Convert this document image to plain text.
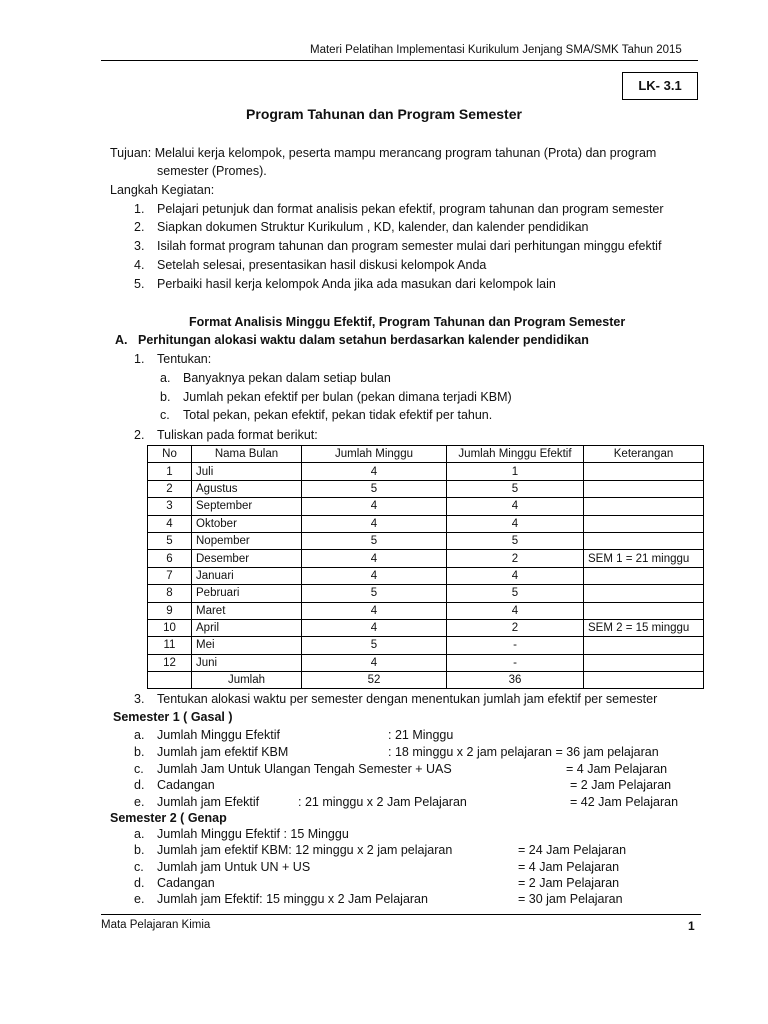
Materi Pelatihan Implementasi Kurikulum Jenjang SMA/SMK Tahun 2015
LK- 3.1
Program Tahunan dan Program Semester
Tujuan: Melalui kerja kelompok, peserta mampu merancang program tahunan (Prota) dan program
semester (Promes).
Langkah Kegiatan:
1. Pelajari petunjuk dan format analisis pekan efektif, program tahunan dan program semester
2. Siapkan dokumen Struktur Kurikulum , KD, kalender, dan kalender pendidikan
3. Isilah format program tahunan dan program semester mulai dari perhitungan minggu efektif
4. Setelah selesai, presentasikan hasil diskusi kelompok Anda
5. Perbaiki hasil kerja kelompok Anda jika ada masukan dari kelompok lain
Format Analisis Minggu Efektif, Program Tahunan dan Program Semester
A. Perhitungan alokasi waktu dalam setahun berdasarkan kalender pendidikan
1. Tentukan:
a. Banyaknya pekan dalam setiap bulan
b. Jumlah pekan efektif per bulan (pekan dimana terjadi KBM)
c. Total pekan, pekan efektif, pekan tidak efektif per tahun.
2. Tuliskan pada format berikut:
No	Nama Bulan	Jumlah Minggu	Jumlah Minggu Efektif	Keterangan
1	Juli	4	1	
2	Agustus	5	5	
3	September	4	4	
4	Oktober	4	4	
5	Nopember	5	5	
6	Desember	4	2	SEM 1 = 21 minggu
7	Januari	4	4	
8	Pebruari	5	5	
9	Maret	4	4	
10	April	4	2	SEM 2 = 15 minggu
11	Mei	5	-	
12	Juni	4	-	
	Jumlah	52	36	
3. Tentukan alokasi waktu per semester dengan menentukan jumlah jam efektif per semester
Semester 1 ( Gasal )
a. Jumlah Minggu Efektif	: 21 Minggu
b. Jumlah jam efektif KBM	: 18 minggu x 2 jam pelajaran = 36 jam pelajaran
c. Jumlah Jam Untuk Ulangan Tengah Semester + UAS	= 4 Jam Pelajaran
d. Cadangan	= 2 Jam Pelajaran
e. Jumlah jam Efektif	: 21 minggu x 2 Jam Pelajaran	= 42 Jam Pelajaran
Semester 2 ( Genap
a. Jumlah Minggu Efektif : 15 Minggu
b. Jumlah jam efektif KBM: 12 minggu x 2 jam pelajaran	= 24 Jam Pelajaran
c. Jumlah jam Untuk UN + US	= 4 Jam Pelajaran
d. Cadangan	= 2 Jam Pelajaran
e. Jumlah jam Efektif: 15 minggu x 2 Jam Pelajaran	= 30 jam Pelajaran
Mata Pelajaran Kimia	1
